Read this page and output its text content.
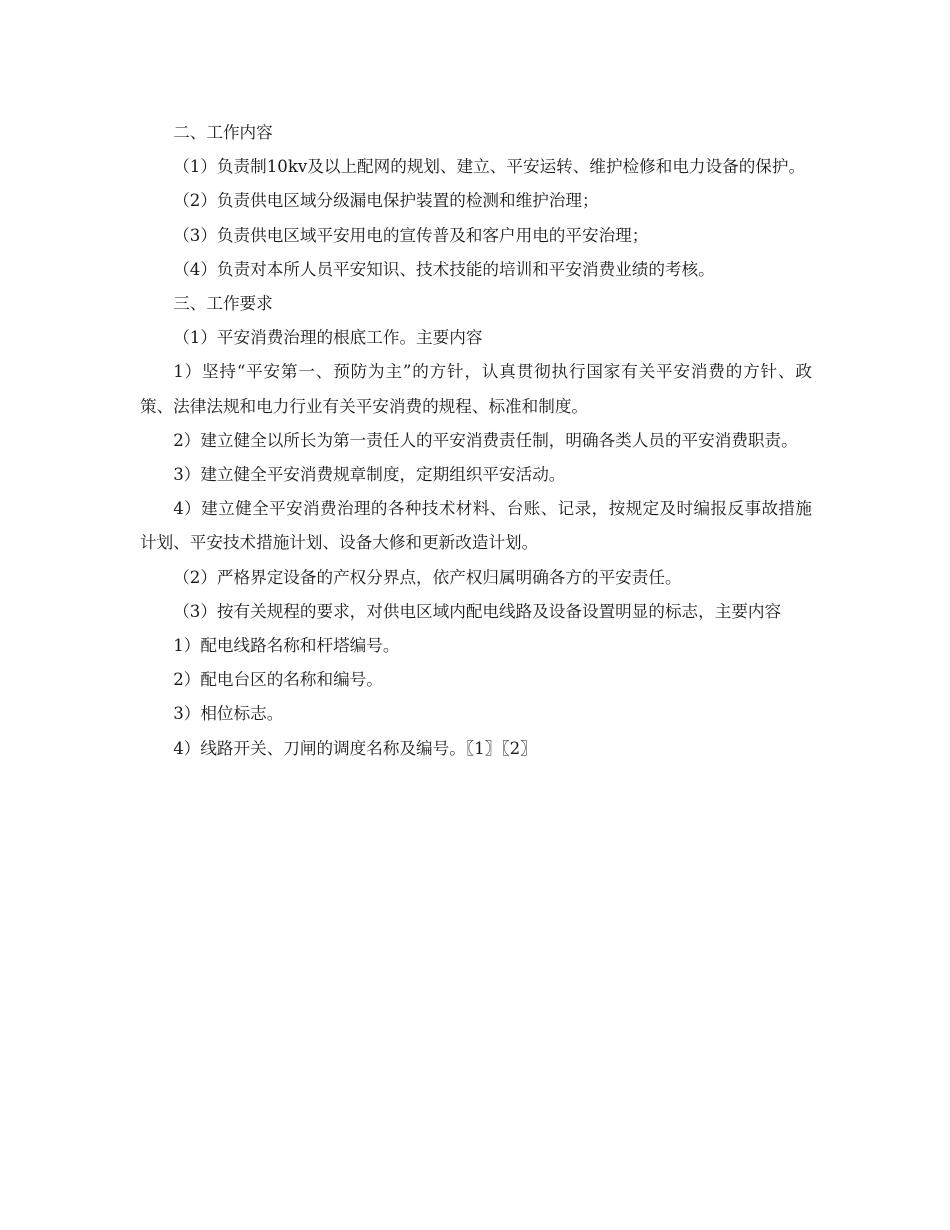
二、工作内容

（1）负责制10kv及以上配网的规划、建立、平安运转、维护检修和电力设备的保护。

（2）负责供电区域分级漏电保护装置的检测和维护治理；

（3）负责供电区域平安用电的宣传普及和客户用电的平安治理；

（4）负责对本所人员平安知识、技术技能的培训和平安消费业绩的考核。

三、工作要求

（1）平安消费治理的根底工作。主要内容

1）坚持“平安第一、预防为主”的方针，认真贯彻执行国家有关平安消费的方针、政策、法律法规和电力行业有关平安消费的规程、标准和制度。

2）建立健全以所长为第一责任人的平安消费责任制，明确各类人员的平安消费职责。

3）建立健全平安消费规章制度，定期组织平安活动。

4）建立健全平安消费治理的各种技术材料、台账、记录，按规定及时编报反事故措施计划、平安技术措施计划、设备大修和更新改造计划。

（2）严格界定设备的产权分界点，依产权归属明确各方的平安责任。

（3）按有关规程的要求，对供电区域内配电线路及设备设置明显的标志，主要内容

1）配电线路名称和杆塔编号。

2）配电台区的名称和编号。

3）相位标志。

4）线路开关、刀闸的调度名称及编号。〖1〗〖2〗
